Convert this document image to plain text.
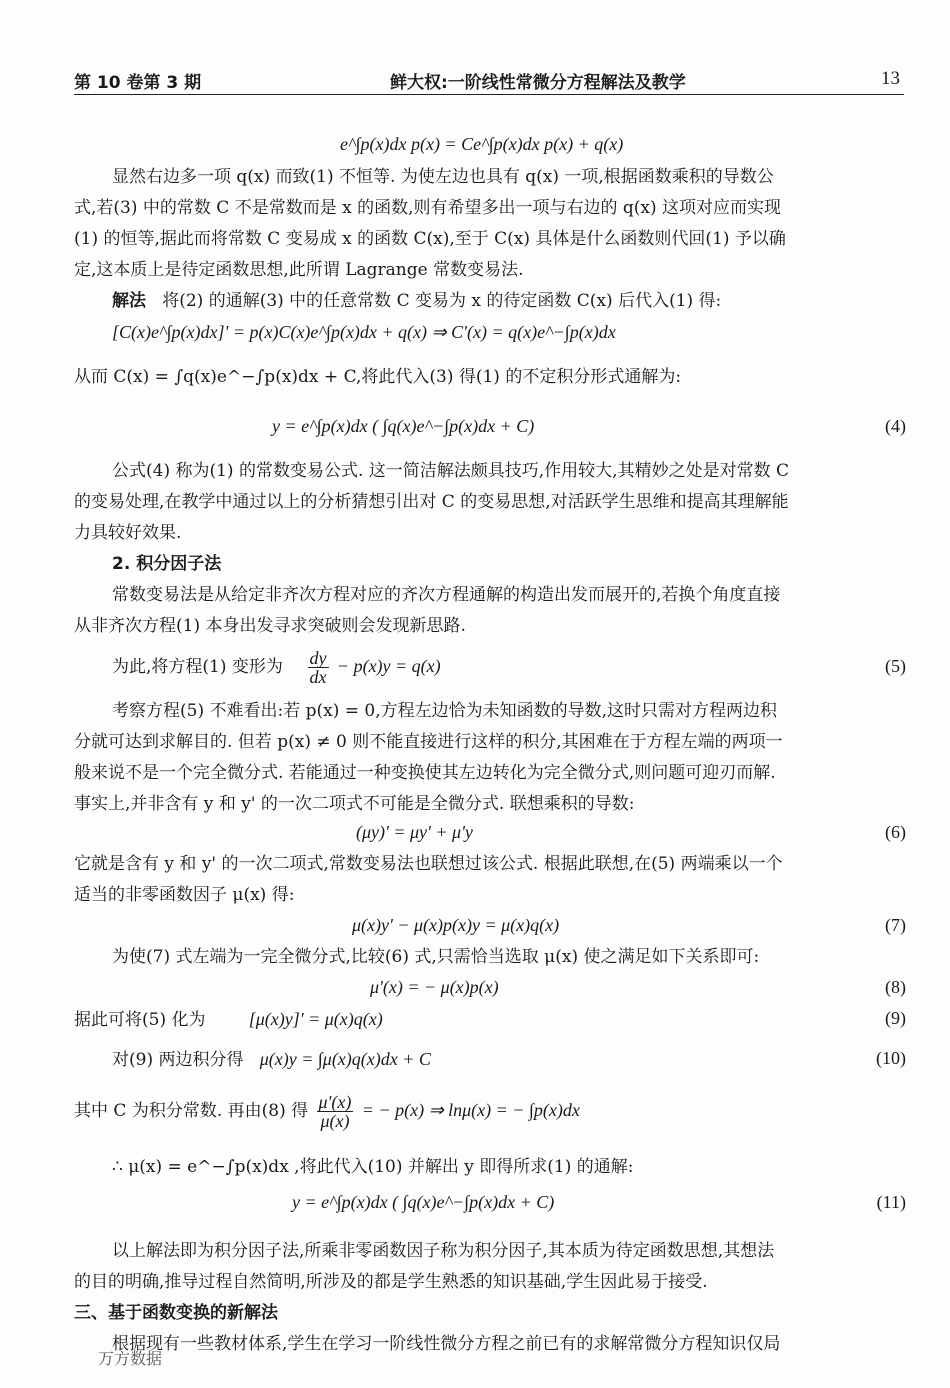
第 10 卷第 3 期	鲜大权:一阶线性常微分方程解法及教学	13
e^∫p(x)dx p(x) = Ce^∫p(x)dx p(x) + q(x)
显然右边多一项 q(x) 而致(1) 不恒等. 为使左边也具有 q(x) 一项,根据函数乘积的导数公
式,若(3) 中的常数 C 不是常数而是 x 的函数,则有希望多出一项与右边的 q(x) 这项对应而实现
(1) 的恒等,据此而将常数 C 变易成 x 的函数 C(x),至于 C(x) 具体是什么函数则代回(1) 予以确
定,这本质上是待定函数思想,此所谓 Lagrange 常数变易法.
解法 将(2) 的通解(3) 中的任意常数 C 变易为 x 的待定函数 C(x) 后代入(1) 得:
[C(x)e^∫p(x)dx]' = p(x)C(x)e^∫p(x)dx + q(x) ⇒ C'(x) = q(x)e^−∫p(x)dx
从而 C(x) = ∫q(x)e^−∫p(x)dx + C,将此代入(3) 得(1) 的不定积分形式通解为:
y = e^∫p(x)dx ( ∫q(x)e^−∫p(x)dx + C)	(4)
公式(4) 称为(1) 的常数变易公式. 这一简洁解法颇具技巧,作用较大,其精妙之处是对常数 C
的变易处理,在教学中通过以上的分析猜想引出对 C 的变易思想,对活跃学生思维和提高其理解能
力具较好效果.
2. 积分因子法
常数变易法是从给定非齐次方程对应的齐次方程通解的构造出发而展开的,若换个角度直接
从非齐次方程(1) 本身出发寻求突破则会发现新思路.
为此,将方程(1) 变形为 $\frac{dy}{dx} - p(x)y = q(x)$	(5)
考察方程(5) 不难看出:若 p(x) = 0,方程左边恰为未知函数的导数,这时只需对方程两边积
分就可达到求解目的. 但若 p(x) ≠ 0 则不能直接进行这样的积分,其困难在于方程左端的两项一
般来说不是一个完全微分式. 若能通过一种变换使其左边转化为完全微分式,则问题可迎刃而解.
事实上,并非含有 y 和 y' 的一次二项式不可能是全微分式. 联想乘积的导数:
(μy)' = μy' + μ'y	(6)
它就是含有 y 和 y' 的一次二项式,常数变易法也联想过该公式. 根据此联想,在(5) 两端乘以一个
适当的非零函数因子 μ(x) 得:
μ(x)y' − μ(x)p(x)y = μ(x)q(x)	(7)
为使(7) 式左端为一完全微分式,比较(6) 式,只需恰当选取 μ(x) 使之满足如下关系即可:
μ'(x) = − μ(x)p(x)	(8)
据此可将(5) 化为 [μ(x)y]' = μ(x)q(x)	(9)
对(9) 两边积分得 μ(x)y = ∫μ(x)q(x)dx + C	(10)
其中 C 为积分常数. 再由(8) 得 $\frac{\mu'(x)}{\mu(x)}$ = − p(x) ⇒ lnμ(x) = − ∫p(x)dx
∴ μ(x) = e^−∫p(x)dx ,将此代入(10) 并解出 y 即得所求(1) 的通解:
y = e^∫p(x)dx ( ∫q(x)e^−∫p(x)dx + C)	(11)
以上解法即为积分因子法,所乘非零函数因子称为积分因子,其本质为待定函数思想,其想法
的目的明确,推导过程自然简明,所涉及的都是学生熟悉的知识基础,学生因此易于接受.
三、基于函数变换的新解法
根据现有一些教材体系,学生在学习一阶线性微分方程之前已有的求解常微分方程知识仅局
万方数据
